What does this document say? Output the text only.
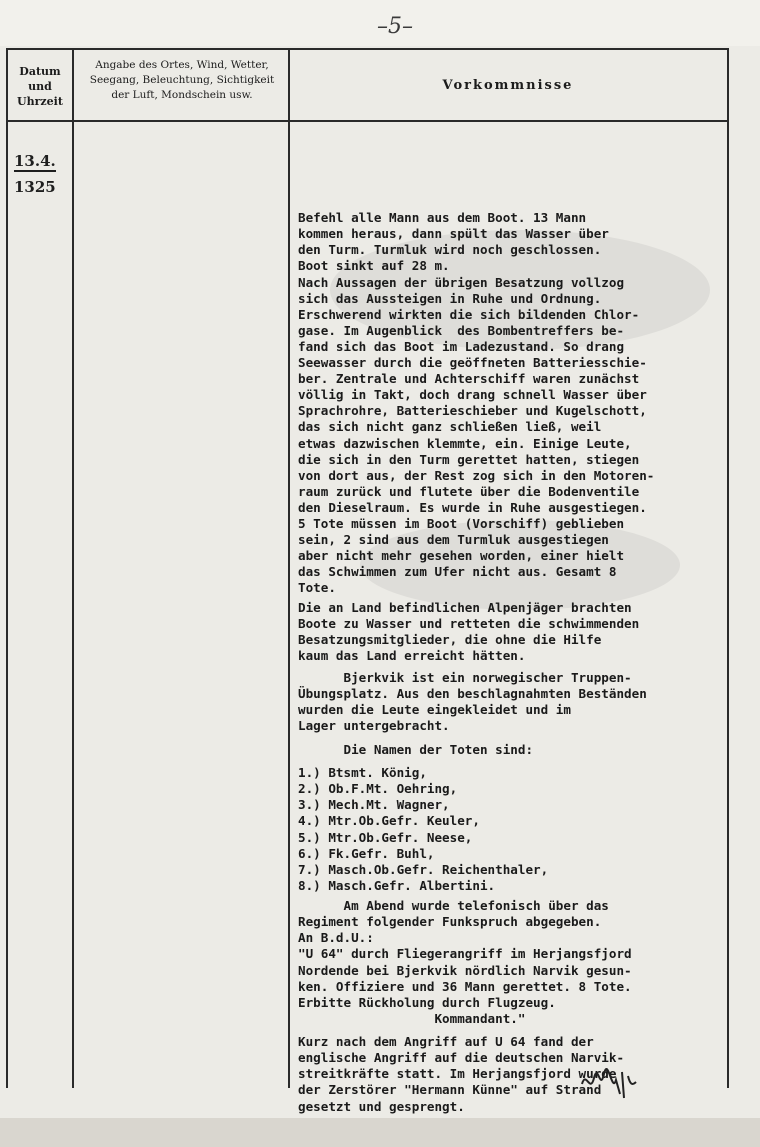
–5–
Datum
und
Uhrzeit
Angabe des Ortes, Wind, Wetter,
Seegang, Beleuchtung, Sichtigkeit
der Luft, Mondschein usw.
Vorkommnisse
13.4.
1325

Befehl alle Mann aus dem Boot. 13 Mann
kommen heraus, dann spült das Wasser über
den Turm. Turmluk wird noch geschlossen.
Boot sinkt auf 28 m.
Nach Aussagen der übrigen Besatzung vollzog
sich das Aussteigen in Ruhe und Ordnung.
Erschwerend wirkten die sich bildenden Chlor-
gase. Im Augenblick  des Bombentreffers be-
fand sich das Boot im Ladezustand. So drang
Seewasser durch die geöffneten Batteriesschie-
ber. Zentrale und Achterschiff waren zunächst
völlig in Takt, doch drang schnell Wasser über
Sprachrohre, Batterieschieber und Kugelschott,
das sich nicht ganz schließen ließ, weil
etwas dazwischen klemmte, ein. Einige Leute,
die sich in den Turm gerettet hatten, stiegen
von dort aus, der Rest zog sich in den Motoren-
raum zurück und flutete über die Bodenventile
den Dieselraum. Es wurde in Ruhe ausgestiegen.
5 Tote müssen im Boot (Vorschiff) geblieben
sein, 2 sind aus dem Turmluk ausgestiegen
aber nicht mehr gesehen worden, einer hielt
das Schwimmen zum Ufer nicht aus. Gesamt 8
Tote.

Die an Land befindlichen Alpenjäger brachten
Boote zu Wasser und retteten die schwimmenden
Besatzungsmitglieder, die ohne die Hilfe
kaum das Land erreicht hätten.

Bjerkvik ist ein norwegischer Truppen-
Übungsplatz. Aus den beschlagnahmten Beständen
wurden die Leute eingekleidet und im
Lager untergebracht.

Die Namen der Toten sind:

1.) Btsmt. König,
2.) Ob.F.Mt. Oehring,
3.) Mech.Mt. Wagner,
4.) Mtr.Ob.Gefr. Keuler,
5.) Mtr.Ob.Gefr. Neese,
6.) Fk.Gefr. Buhl,
7.) Masch.Ob.Gefr. Reichenthaler,
8.) Masch.Gefr. Albertini.

Am Abend wurde telefonisch über das
Regiment folgender Funkspruch abgegeben.
An B.d.U.:
"U 64" durch Fliegerangriff im Herjangsfjord
Nordende bei Bjerkvik nördlich Narvik gesun-
ken. Offiziere und 36 Mann gerettet. 8 Tote.
Erbitte Rückholung durch Flugzeug.
Kommandant."

Kurz nach dem Angriff auf U 64 fand der
englische Angriff auf die deutschen Narvik-
streitkräfte statt. Im Herjangsfjord wurde
der Zerstörer "Hermann Künne" auf Strand
gesetzt und gesprengt.
